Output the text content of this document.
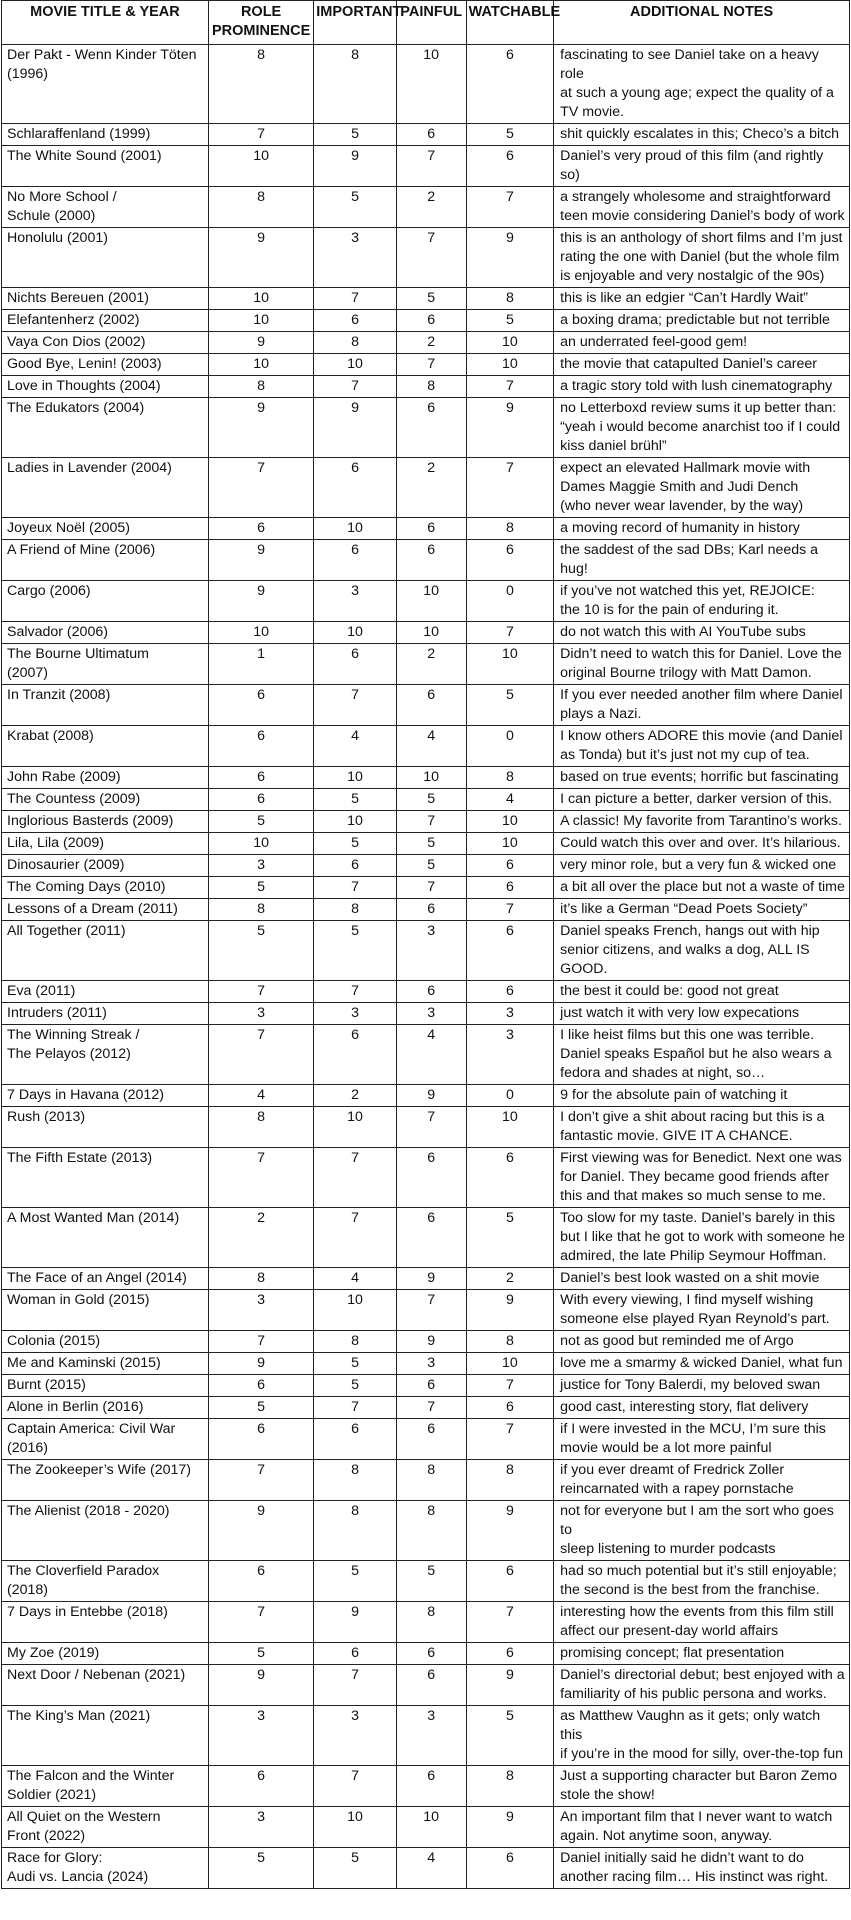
MOVIE TITLE & YEAR	ROLE
PROMINENCE	IMPORTANT	PAINFUL	WATCHABLE	ADDITIONAL NOTES

Der Pakt - Wenn Kinder Töten
(1996)	8	8	10	6	fascinating to see Daniel take on a heavy role
at such a young age; expect the quality of a
TV movie.

Schlaraffenland (1999)	7	5	6	5	shit quickly escalates in this; Checo’s a bitch

The White Sound (2001)	10	9	7	6	Daniel’s very proud of this film (and rightly so)

No More School /
Schule (2000)	8	5	2	7	a strangely wholesome and straightforward
teen movie considering Daniel’s body of work

Honolulu (2001)	9	3	7	9	this is an anthology of short films and I’m just
rating the one with Daniel (but the whole film
is enjoyable and very nostalgic of the 90s)

Nichts Bereuen (2001)	10	7	5	8	this is like an edgier “Can’t Hardly Wait”

Elefantenherz (2002)	10	6	6	5	a boxing drama; predictable but not terrible

Vaya Con Dios (2002)	9	8	2	10	an underrated feel-good gem!

Good Bye, Lenin! (2003)	10	10	7	10	the movie that catapulted Daniel’s career

Love in Thoughts (2004)	8	7	8	7	a tragic story told with lush cinematography

The Edukators (2004)	9	9	6	9	no Letterboxd review sums it up better than:
“yeah i would become anarchist too if I could
kiss daniel brühl”

Ladies in Lavender (2004)	7	6	2	7	expect an elevated Hallmark movie with
Dames Maggie Smith and Judi Dench
(who never wear lavender, by the way)

Joyeux Noël (2005)	6	10	6	8	a moving record of humanity in history

A Friend of Mine (2006)	9	6	6	6	the saddest of the sad DBs; Karl needs a hug!

Cargo (2006)	9	3	10	0	if you’ve not watched this yet, REJOICE:
the 10 is for the pain of enduring it.

Salvador (2006)	10	10	10	7	do not watch this with AI YouTube subs

The Bourne Ultimatum
(2007)	1	6	2	10	Didn’t need to watch this for Daniel. Love the
original Bourne trilogy with Matt Damon.

In Tranzit (2008)	6	7	6	5	If you ever needed another film where Daniel
plays a Nazi.

Krabat (2008)	6	4	4	0	I know others ADORE this movie (and Daniel
as Tonda) but it’s just not my cup of tea.

John Rabe (2009)	6	10	10	8	based on true events; horrific but fascinating

The Countess (2009)	6	5	5	4	I can picture a better, darker version of this.

Inglorious Basterds (2009)	5	10	7	10	A classic! My favorite from Tarantino’s works.

Lila, Lila (2009)	10	5	5	10	Could watch this over and over. It’s hilarious.

Dinosaurier (2009)	3	6	5	6	very minor role, but a very fun & wicked one

The Coming Days (2010)	5	7	7	6	a bit all over the place but not a waste of time

Lessons of a Dream (2011)	8	8	6	7	it’s like a German “Dead Poets Society”

All Together (2011)	5	5	3	6	Daniel speaks French, hangs out with hip
senior citizens, and walks a dog, ALL IS GOOD.

Eva (2011)	7	7	6	6	the best it could be: good not great

Intruders (2011)	3	3	3	3	just watch it with very low expecations

The Winning Streak /
The Pelayos (2012)	7	6	4	3	I like heist films but this one was terrible.
Daniel speaks Español but he also wears a
fedora and shades at night, so…

7 Days in Havana (2012)	4	2	9	0	9 for the absolute pain of watching it

Rush (2013)	8	10	7	10	I don’t give a shit about racing but this is a
fantastic movie. GIVE IT A CHANCE.

The Fifth Estate (2013)	7	7	6	6	First viewing was for Benedict. Next one was
for Daniel. They became good friends after
this and that makes so much sense to me.

A Most Wanted Man (2014)	2	7	6	5	Too slow for my taste. Daniel’s barely in this
but I like that he got to work with someone he
admired, the late Philip Seymour Hoffman.

The Face of an Angel (2014)	8	4	9	2	Daniel’s best look wasted on a shit movie

Woman in Gold (2015)	3	10	7	9	With every viewing, I find myself wishing
someone else played Ryan Reynold’s part.

Colonia (2015)	7	8	9	8	not as good but reminded me of Argo

Me and Kaminski (2015)	9	5	3	10	love me a smarmy & wicked Daniel, what fun

Burnt (2015)	6	5	6	7	justice for Tony Balerdi, my beloved swan

Alone in Berlin (2016)	5	7	7	6	good cast, interesting story, flat delivery

Captain America: Civil War
(2016)	6	6	6	7	if I were invested in the MCU, I’m sure this
movie would be a lot more painful

The Zookeeper’s Wife (2017)	7	8	8	8	if you ever dreamt of Fredrick Zoller
reincarnated with a rapey pornstache

The Alienist (2018 - 2020)	9	8	8	9	not for everyone but I am the sort who goes to
sleep listening to murder podcasts

The Cloverfield Paradox
(2018)	6	5	5	6	had so much potential but it’s still enjoyable;
the second is the best from the franchise.

7 Days in Entebbe (2018)	7	9	8	7	interesting how the events from this film still
affect our present-day world affairs

My Zoe (2019)	5	6	6	6	promising concept; flat presentation

Next Door / Nebenan (2021)	9	7	6	9	Daniel’s directorial debut; best enjoyed with a
familiarity of his public persona and works.

The King’s Man (2021)	3	3	3	5	as Matthew Vaughn as it gets; only watch this
if you’re in the mood for silly, over-the-top fun

The Falcon and the Winter
Soldier (2021)	6	7	6	8	Just a supporting character but Baron Zemo
stole the show!

All Quiet on the Western
Front (2022)	3	10	10	9	An important film that I never want to watch
again. Not anytime soon, anyway.

Race for Glory:
Audi vs. Lancia (2024)	5	5	4	6	Daniel initially said he didn’t want to do
another racing film… His instinct was right.
